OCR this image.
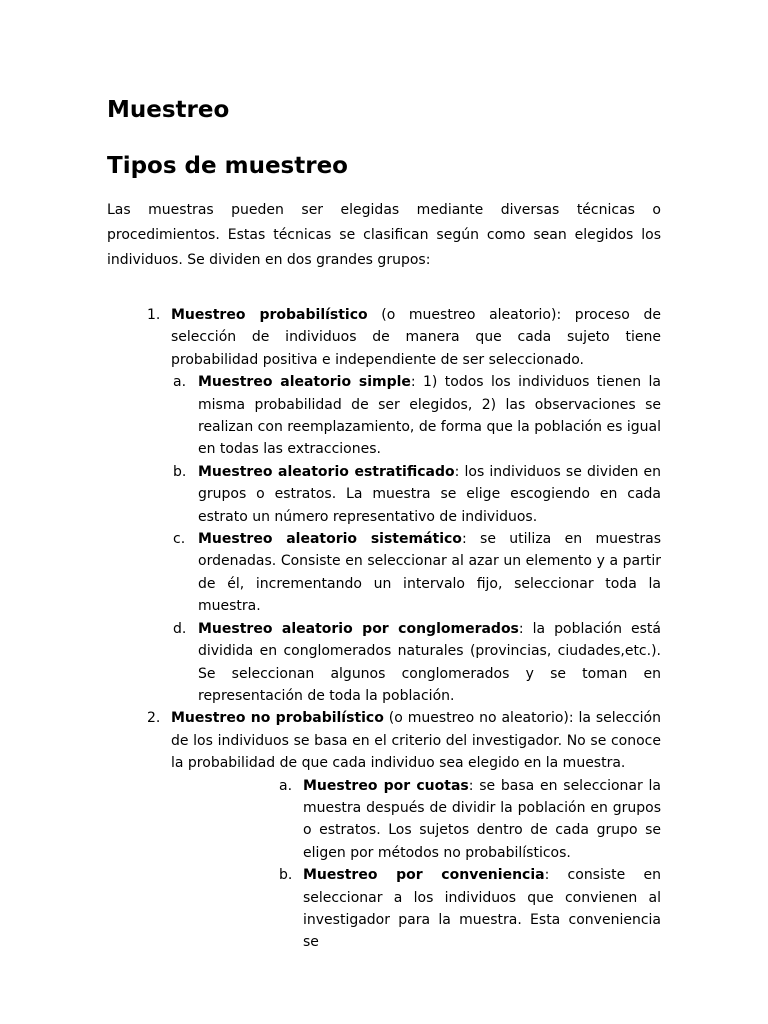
Muestreo
Tipos de muestreo

Las muestras pueden ser elegidas mediante diversas técnicas o procedimientos. Estas técnicas se clasifican según como sean elegidos los individuos. Se dividen en dos grandes grupos:

1. Muestreo probabilístico (o muestreo aleatorio): proceso de selección de individuos de manera que cada sujeto tiene probabilidad positiva e independiente de ser seleccionado.
a. Muestreo aleatorio simple: 1) todos los individuos tienen la misma probabilidad de ser elegidos, 2) las observaciones se realizan con reemplazamiento, de forma que la población es igual en todas las extracciones.
b. Muestreo aleatorio estratificado: los individuos se dividen en grupos o estratos. La muestra se elige escogiendo en cada estrato un número representativo de individuos.
c. Muestreo aleatorio sistemático: se utiliza en muestras ordenadas. Consiste en seleccionar al azar un elemento y a partir de él, incrementando un intervalo fijo, seleccionar toda la muestra.
d. Muestreo aleatorio por conglomerados: la población está dividida en conglomerados naturales (provincias, ciudades,etc.). Se seleccionan algunos conglomerados y se toman en representación de toda la población.
2. Muestreo no probabilístico (o muestreo no aleatorio): la selección de los individuos se basa en el criterio del investigador. No se conoce la probabilidad de que cada individuo sea elegido en la muestra.
a. Muestreo por cuotas: se basa en seleccionar la muestra después de dividir la población en grupos o estratos. Los sujetos dentro de cada grupo se eligen por métodos no probabilísticos.
b. Muestreo por conveniencia: consiste en seleccionar a los individuos que convienen al investigador para la muestra. Esta conveniencia se
